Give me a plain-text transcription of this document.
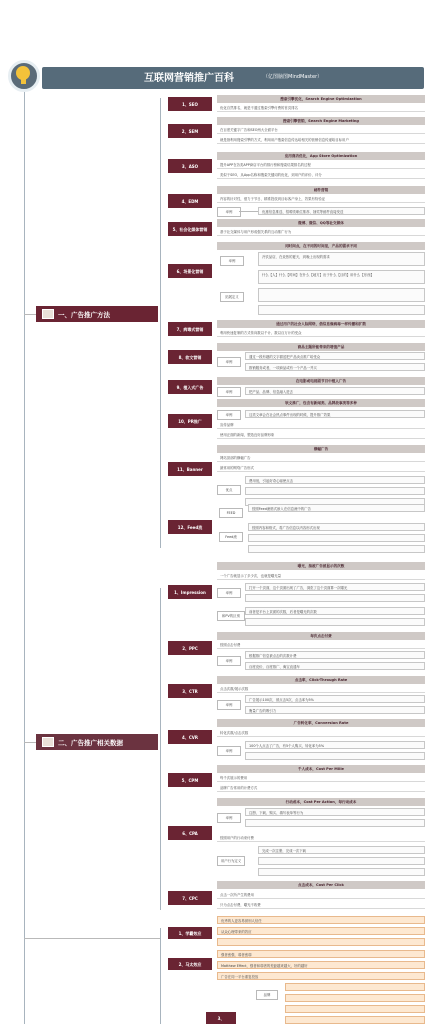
互联网营销推广百科	（亿图脑图MindMaster）
一、广告推广方法
二、广告推广相关数据
1、SEO
搜索引擎优化，Search Engine Optimization
优化自然排名，就是不通过搜索引擎付费的首页排名
2、SEM
搜索引擎营销，Search Engine Marketing
在百度关键字广告和SEO两大全面平台
就是指利用搜索引擎的方式，利用用户搜索信息传达给相关的营销信息传递给目标用户
3、ASO
应用商店优化，App Store Optimization
提升APP在各类APP商店平台的排行榜和搜索结果排名的过程
类似于SEO，从App名称和搜索关键词的优化，到用户的评价、评分
4、EDM
邮件营销
内容的针对性，借力于节日、精准投放到目标客户身上，效果有待验证
举例	优惠信息推送、招聘类职位推荐、抽奖等邮件直接发送
5、社会化媒体营销
微博、微信、QQ等社交媒体
基于社交媒体与用户形成强关系的互动推广行为
6、场景化营销
同时间点，在不同的时间里，产品的需求不同
举例
冷饮品店，在炎热的夏天，到晚上出现的需求
拓展定义
什么【人】什么【时间】在什么【地方】出于什么【目的】用什么【东西】
7、病毒式营销
通过用户的社会人际网络，借信息像病毒一样传播和扩散
利用快速复制的方式传向数以千计、数以百万计的受众
8、软文营销
商品主题所能带来的增值产品
举例
通过一段有趣的文字描述把产品卖点推广给受众
推销服务或者，一项商品或有一个产品一并买
9、植入式广告
在电影或电视剧节目中植入广告
举例	把产品、品牌、信息融入进去
10、PR推广
软文推广，包含有新闻类、品牌故事类等多种
举例	这类文章会在社会热点事件出现的时候，提升推广效果
宣传品牌
使用正面的新闻，塑造良好品牌形象
11、Banner
横幅广告
网站顶部的横幅广告
最常用的网络广告形式
优点
费用低，引起好奇心驱使点击
12、Feed流
FEED
按照Feed流格式嵌入在信息流中的广告
Feed流
按照内容和格式，将广告信息以内容形式出现
1、Impression
曝光，指被广告被显示的次数
一个广告就显示了多少次，也就是曝光量
举例
打开一个页面，这个页面出现了广告，浏览了这个页面算一次曝光
和PV的区别
前者是平台上页面的次数，后者是曝光的次数
2、PPC
每次点击付费
按照点击付费
举例
根据推广信息被点击的次数计费
百度竞价，百度推广、淘宝直通车
3、CTR
点击率，Click-Through Rate
点击次数/展示次数
举例
广告展示100次，被点击5次，点击率为5%
衡量广告的吸引力
4、CVR
广告转化率，Conversion Rate
转化次数/点击次数
举例
100个人点击了广告，有5个人购买，转化率为5%
5、CPM
千人成本，Cost Per Mille
每千次展示的费用
品牌广告常用的计费方式
6、CPA
行动成本，Cost Per Action，每行动成本
举例
注册、下载、购买、填写表单等行为
按照用户的行动来付费
用户行为定义
完成一次注册，完成一次下载
7、CPC
点击成本，Cost Per Click
点击一次所产生的费用
只为点击付费，曝光不收费
1、学霸效应
优秀的人更容易被别人信任
从众心理带来的效应
2、马太效应
强者愈强，弱者愈弱
Matthew Effect，强者和弱者的差距越来越大，好的越好
广告在同一平台重复投放
3、
品牌
